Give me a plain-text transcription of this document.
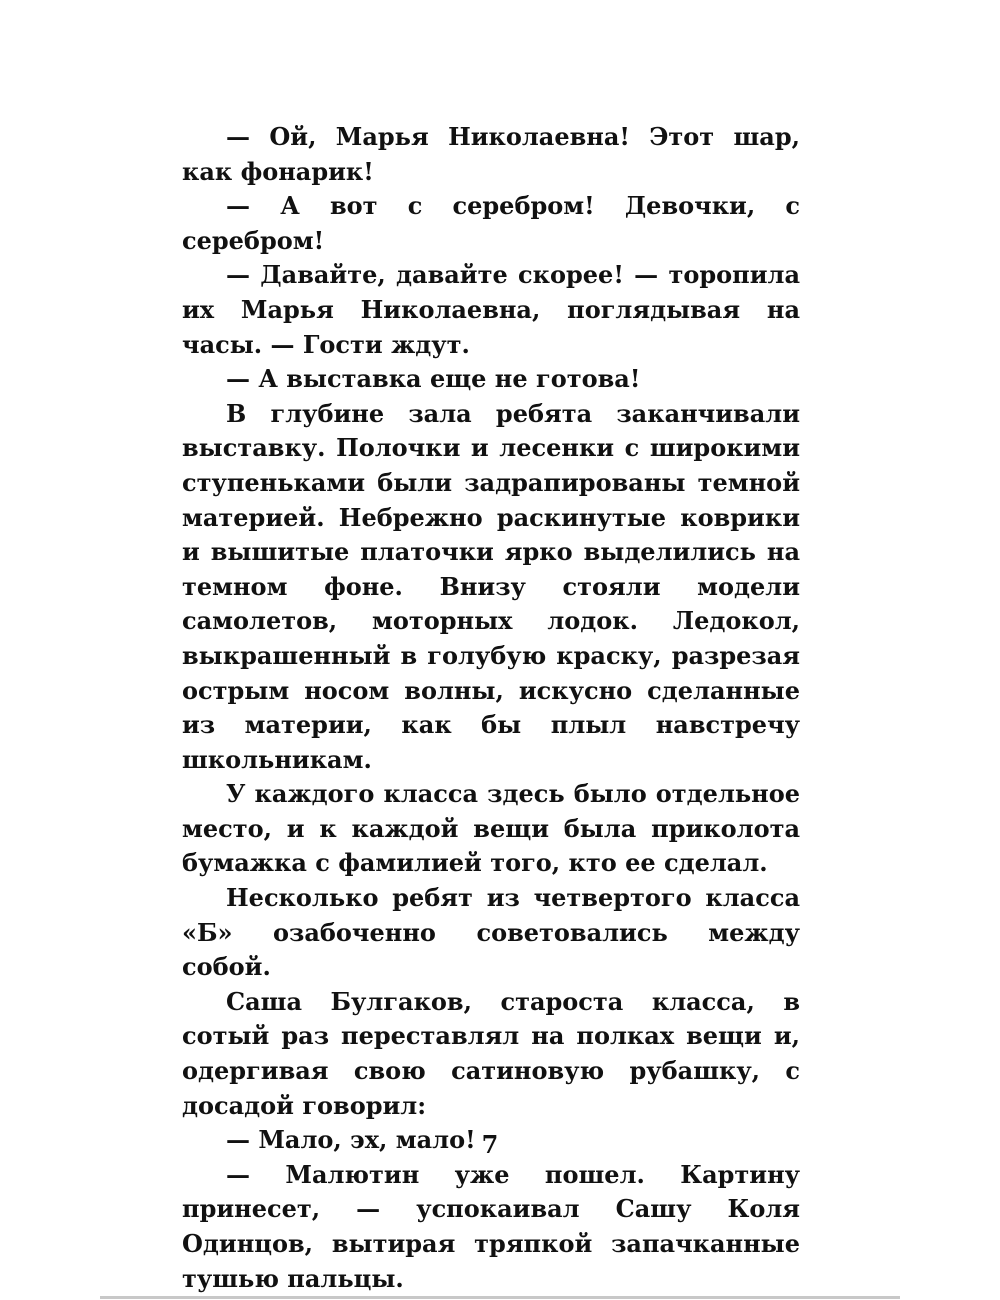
— Ой, Марья Николаевна! Этот шар, как фонарик!

— А вот с серебром! Девочки, с серебром!

— Давайте, давайте скорее! — торопила их Марья Николаевна, поглядывая на часы. — Гости ждут.

— А выставка еще не готова!

В глубине зала ребята заканчивали выставку. Полочки и лесенки с широкими ступеньками были задрапированы темной материей. Небрежно раскинутые коврики и вышитые платочки ярко выделились на темном фоне. Внизу стояли модели самолетов, моторных лодок. Ледокол, выкрашенный в голубую краску, разрезая острым носом волны, искусно сделанные из материи, как бы плыл навстречу школьникам.

У каждого класса здесь было отдельное место, и к каждой вещи была приколота бумажка с фамилией того, кто ее сделал.

Несколько ребят из четвертого класса «Б» озабоченно советовались между собой.

Саша Булгаков, староста класса, в сотый раз переставлял на полках вещи и, одергивая свою сатиновую рубашку, с досадой говорил:

— Мало, эх, мало!

— Малютин уже пошел. Картину принесет, — успокаивал Сашу Коля Одинцов, вытирая тряпкой запачканные тушью пальцы.

7
